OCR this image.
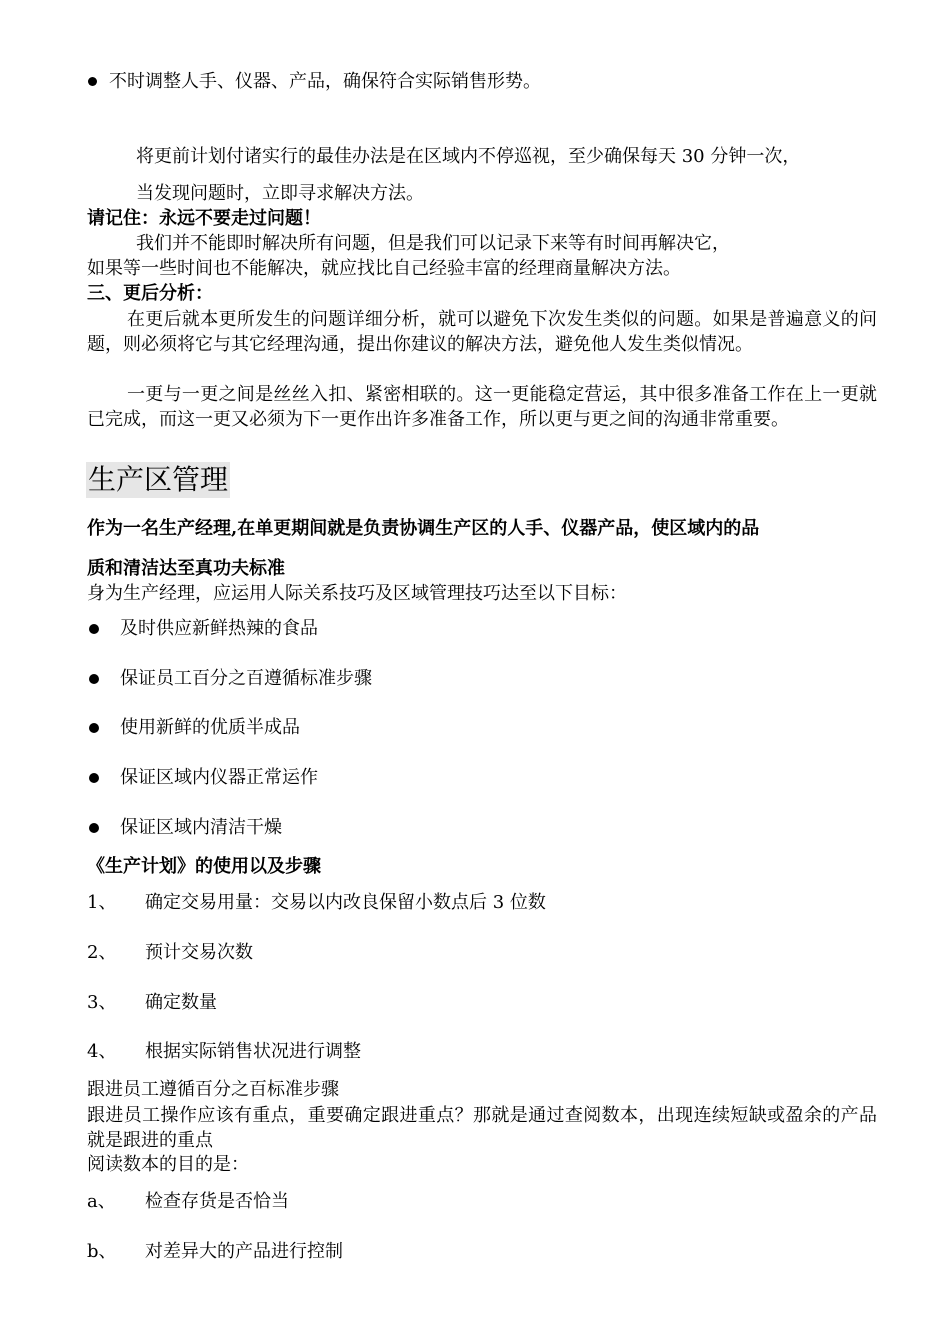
不时调整人手、仪器、产品，确保符合实际销售形势。
将更前计划付诸实行的最佳办法是在区域内不停巡视，至少确保每天 30 分钟一次，
当发现问题时，立即寻求解决方法。
请记住：永远不要走过问题！
我们并不能即时解决所有问题，但是我们可以记录下来等有时间再解决它，
如果等一些时间也不能解决，就应找比自己经验丰富的经理商量解决方法。
三、更后分析：
在更后就本更所发生的问题详细分析，就可以避免下次发生类似的问题。如果是普遍意义的问题，则必须将它与其它经理沟通，提出你建议的解决方法，避免他人发生类似情况。
一更与一更之间是丝丝入扣、紧密相联的。这一更能稳定营运，其中很多准备工作在上一更就已完成，而这一更又必须为下一更作出许多准备工作，所以更与更之间的沟通非常重要。
生产区管理
作为一名生产经理,在单更期间就是负责协调生产区的人手、仪器产品，使区域内的品
质和清洁达至真功夫标准
身为生产经理，应运用人际关系技巧及区域管理技巧达至以下目标：
及时供应新鲜热辣的食品
保证员工百分之百遵循标准步骤
使用新鲜的优质半成品
保证区域内仪器正常运作
保证区域内清洁干燥
《生产计划》的使用以及步骤
1、 确定交易用量：交易以内改良保留小数点后 3 位数
2、 预计交易次数
3、 确定数量
4、 根据实际销售状况进行调整
跟进员工遵循百分之百标准步骤
跟进员工操作应该有重点，重要确定跟进重点？那就是通过查阅数本，出现连续短缺或盈余的产品就是跟进的重点
阅读数本的目的是：
a、 检查存货是否恰当
b、 对差异大的产品进行控制
